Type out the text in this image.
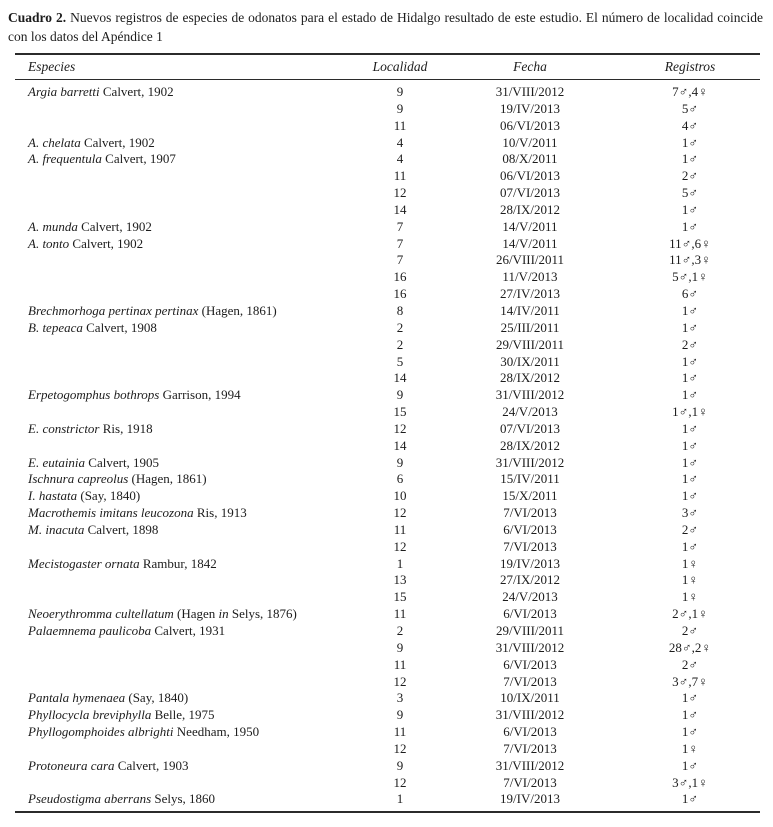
Cuadro 2. Nuevos registros de especies de odonatos para el estado de Hidalgo resultado de este estudio. El número de localidad coincide con los datos del Apéndice 1

Especies	Localidad	Fecha	Registros
Argia barretti Calvert, 1902	9	31/VIII/2012	7♂,4♀
	9	19/IV/2013	5♂
	11	06/VI/2013	4♂
A. chelata Calvert, 1902	4	10/V/2011	1♂
A. frequentula Calvert, 1907	4	08/X/2011	1♂
	11	06/VI/2013	2♂
	12	07/VI/2013	5♂
	14	28/IX/2012	1♂
A. munda Calvert, 1902	7	14/V/2011	1♂
A. tonto Calvert, 1902	7	14/V/2011	11♂,6♀
	7	26/VIII/2011	11♂,3♀
	16	11/V/2013	5♂,1♀
	16	27/IV/2013	6♂
Brechmorhoga pertinax pertinax (Hagen, 1861)	8	14/IV/2011	1♂
B. tepeaca Calvert, 1908	2	25/III/2011	1♂
	2	29/VIII/2011	2♂
	5	30/IX/2011	1♂
	14	28/IX/2012	1♂
Erpetogomphus bothrops Garrison, 1994	9	31/VIII/2012	1♂
	15	24/V/2013	1♂,1♀
E. constrictor Ris, 1918	12	07/VI/2013	1♂
	14	28/IX/2012	1♂
E. eutainia Calvert, 1905	9	31/VIII/2012	1♂
Ischnura capreolus (Hagen, 1861)	6	15/IV/2011	1♂
I. hastata (Say, 1840)	10	15/X/2011	1♂
Macrothemis imitans leucozona Ris, 1913	12	7/VI/2013	3♂
M. inacuta Calvert, 1898	11	6/VI/2013	2♂
	12	7/VI/2013	1♂
Mecistogaster ornata Rambur, 1842	1	19/IV/2013	1♀
	13	27/IX/2012	1♀
	15	24/V/2013	1♀
Neoerythromma cultellatum (Hagen in Selys, 1876)	11	6/VI/2013	2♂,1♀
Palaemnema paulicoba Calvert, 1931	2	29/VIII/2011	2♂
	9	31/VIII/2012	28♂,2♀
	11	6/VI/2013	2♂
	12	7/VI/2013	3♂,7♀
Pantala hymenaea (Say, 1840)	3	10/IX/2011	1♂
Phyllocycla breviphylla Belle, 1975	9	31/VIII/2012	1♂
Phyllogomphoides albrighti Needham, 1950	11	6/VI/2013	1♂
	12	7/VI/2013	1♀
Protoneura cara Calvert, 1903	9	31/VIII/2012	1♂
	12	7/VI/2013	3♂,1♀
Pseudostigma aberrans Selys, 1860	1	19/IV/2013	1♂
